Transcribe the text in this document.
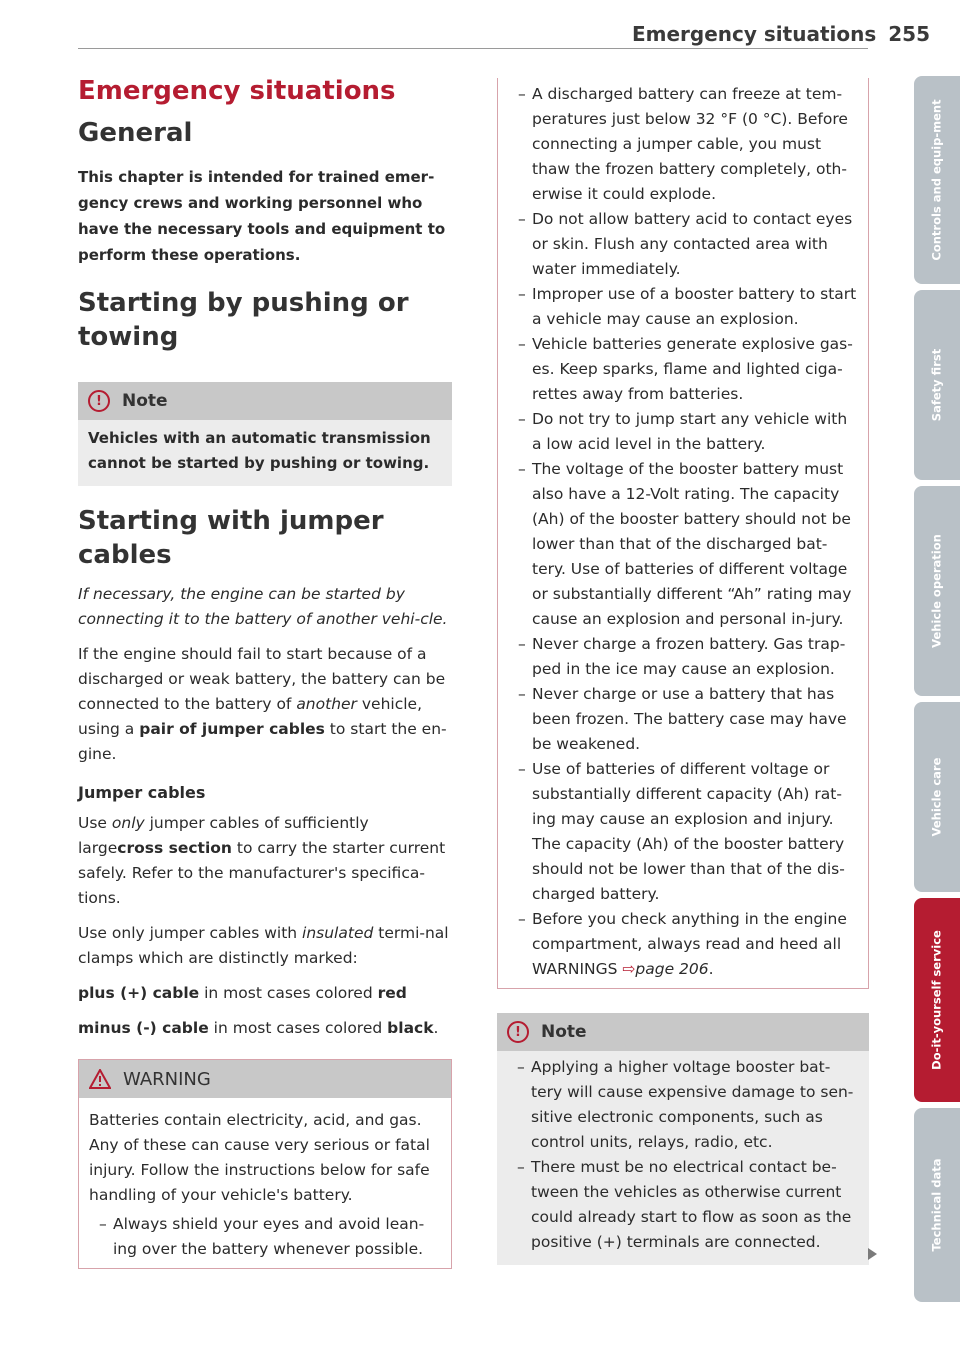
Emergency situations 255
Emergency situations
General
This chapter is intended for trained emer-gency crews and working personnel who have the necessary tools and equipment to perform these operations.
Starting by pushing or towing
!	Note
Vehicles with an automatic transmission cannot be started by pushing or towing.
Starting with jumper cables

If necessary, the engine can be started by connecting it to the battery of another vehi-cle.

If the engine should fail to start because of a discharged or weak battery, the battery can be connected to the battery of another vehicle, using a pair of jumper cables to start the en-gine.

Jumper cables

Use only jumper cables of sufficiently largecross section to carry the starter current safely. Refer to the manufacturer's specifica-tions.

Use only jumper cables with insulated termi-nal clamps which are distinctly marked:

plus (+) cable in most cases colored red

minus (-) cable in most cases colored black.

WARNING
Batteries contain electricity, acid, and gas. Any of these can cause very serious or fatal injury. Follow the instructions below for safe handling of your vehicle's battery.
– Always shield your eyes and avoid lean-ing over the battery whenever possible.
– A discharged battery can freeze at tem-peratures just below 32 °F (0 °C). Before connecting a jumper cable, you must thaw the frozen battery completely, oth-erwise it could explode.
– Do not allow battery acid to contact eyes or skin. Flush any contacted area with water immediately.
– Improper use of a booster battery to start a vehicle may cause an explosion.
– Vehicle batteries generate explosive gas-es. Keep sparks, flame and lighted ciga-rettes away from batteries.
– Do not try to jump start any vehicle with a low acid level in the battery.
– The voltage of the booster battery must also have a 12-Volt rating. The capacity (Ah) of the booster battery should not be lower than that of the discharged bat-tery. Use of batteries of different voltage or substantially different “Ah” rating may cause an explosion and personal in-jury.
– Never charge a frozen battery. Gas trap-ped in the ice may cause an explosion.
– Never charge or use a battery that has been frozen. The battery case may have be weakened.
– Use of batteries of different voltage or substantially different capacity (Ah) rat-ing may cause an explosion and injury. The capacity (Ah) of the booster battery should not be lower than that of the dis-charged battery.
– Before you check anything in the engine compartment, always read and heed all WARNINGS ⇨page 206.
!	Note
– Applying a higher voltage booster bat-tery will cause expensive damage to sen-sitive electronic components, such as control units, relays, radio, etc.
– There must be no electrical contact be-tween the vehicles as otherwise current could already start to flow as soon as the positive (+) terminals are connected.
Controls and equip-ment
Safety first
Vehicle operation
Vehicle care
Do-it-yourself service
Technical data
